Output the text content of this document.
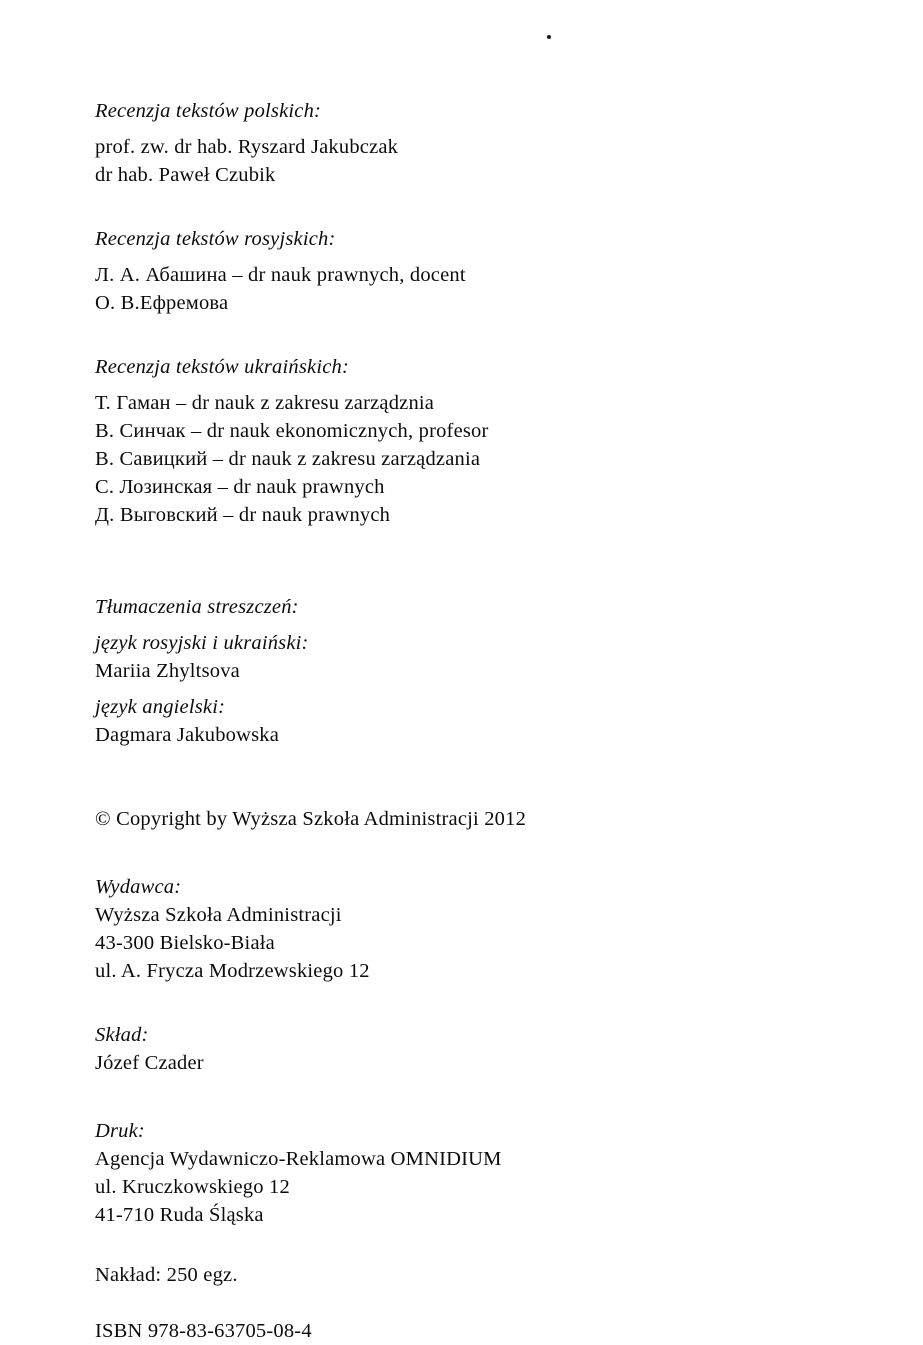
Recenzja tekstów polskich:

prof. zw. dr hab. Ryszard Jakubczak

dr hab. Paweł Czubik

Recenzja tekstów rosyjskich:

Л. А. Абашина – dr nauk prawnych, docent

О. В.Ефремова

Recenzja tekstów ukraińskich:

Т. Гаман – dr nauk z zakresu zarządznia

В. Синчак – dr nauk ekonomicznych, profesor

В. Савицкий – dr nauk z zakresu zarządzania

С. Лозинская – dr nauk prawnych

Д. Выговский – dr nauk prawnych

Tłumaczenia streszczeń:

język rosyjski i ukraiński:

Mariia Zhyltsova

język angielski:

Dagmara Jakubowska

© Copyright by Wyższa Szkoła Administracji 2012

Wydawca:

Wyższa Szkoła Administracji

43-300 Bielsko-Biała

ul. A. Frycza Modrzewskiego 12

Skład:

Józef Czader

Druk:

Agencja Wydawniczo-Reklamowa OMNIDIUM

ul. Kruczkowskiego 12

41-710 Ruda Śląska

Nakład: 250 egz.

ISBN 978-83-63705-08-4
